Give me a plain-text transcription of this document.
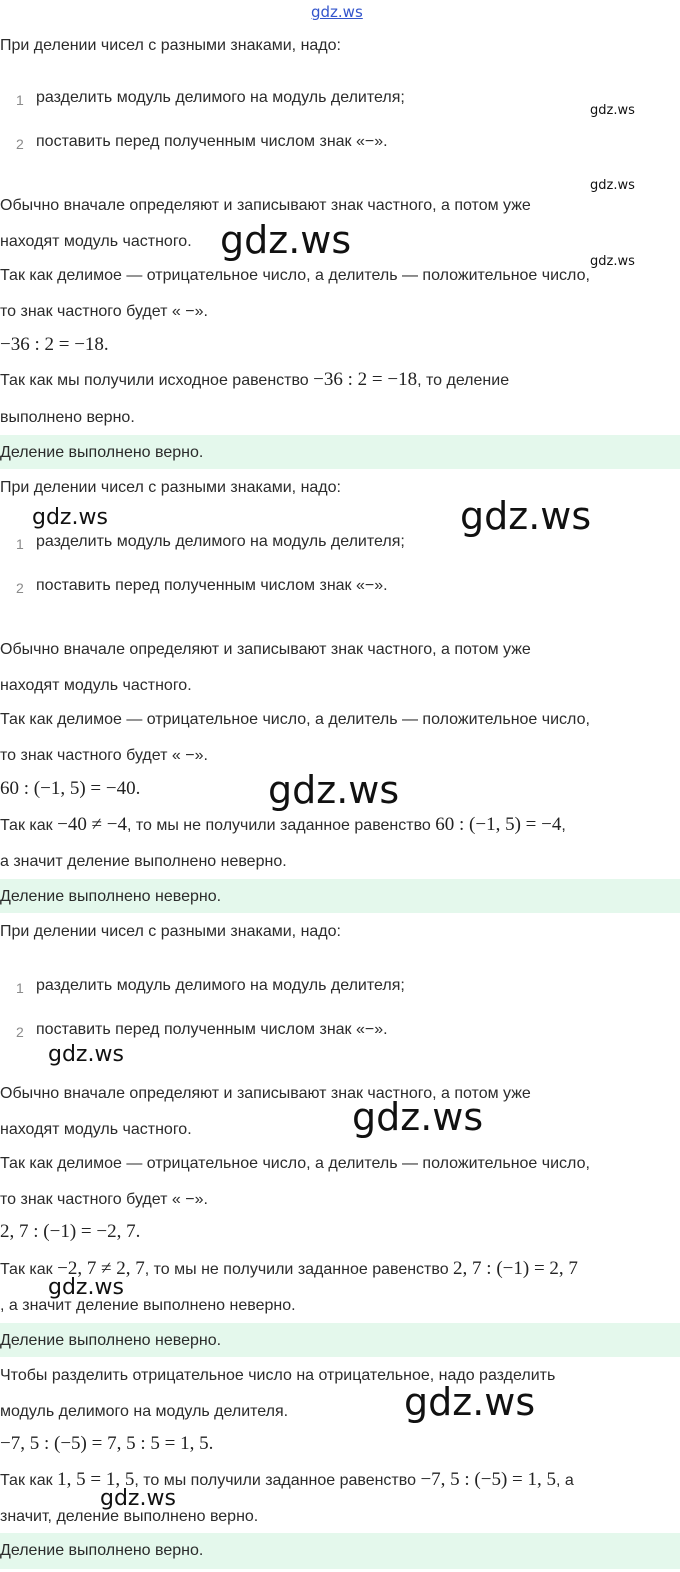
gdz.ws
При делении чисел с разными знаками, надо:
1 разделить модуль делимого на модуль делителя;
2 поставить перед полученным числом знак «−».
Обычно вначале определяют и записывают знак частного, а потом уже
находят модуль частного.
Так как делимое — отрицательное число, а делитель — положительное число,
то знак частного будет « −».
−36 : 2 = −18.
Так как мы получили исходное равенство −36 : 2 = −18, то деление
выполнено верно.
Деление выполнено верно.
При делении чисел с разными знаками, надо:
1 разделить модуль делимого на модуль делителя;
2 поставить перед полученным числом знак «−».
Обычно вначале определяют и записывают знак частного, а потом уже
находят модуль частного.
Так как делимое — отрицательное число, а делитель — положительное число,
то знак частного будет « −».
60 : (−1, 5) = −40.
Так как −40 ≠ −4, то мы не получили заданное равенство 60 : (−1, 5) = −4,
а значит деление выполнено неверно.
Деление выполнено неверно.
При делении чисел с разными знаками, надо:
1 разделить модуль делимого на модуль делителя;
2 поставить перед полученным числом знак «−».
Обычно вначале определяют и записывают знак частного, а потом уже
находят модуль частного.
Так как делимое — отрицательное число, а делитель — положительное число,
то знак частного будет « −».
2, 7 : (−1) = −2, 7.
Так как −2, 7 ≠ 2, 7, то мы не получили заданное равенство 2, 7 : (−1) = 2, 7
, а значит деление выполнено неверно.
Деление выполнено неверно.
Чтобы разделить отрицательное число на отрицательное, надо разделить
модуль делимого на модуль делителя.
−7, 5 : (−5) = 7, 5 : 5 = 1, 5.
Так как 1, 5 = 1, 5, то мы получили заданное равенство −7, 5 : (−5) = 1, 5, а
значит, деление выполнено верно.
Деление выполнено верно.
gdz.ws
gdz.ws
gdz.ws
gdz.ws
gdz.ws	gdz.ws
gdz.ws
gdz.ws
gdz.ws
gdz.ws
gdz.ws
gdz.ws
